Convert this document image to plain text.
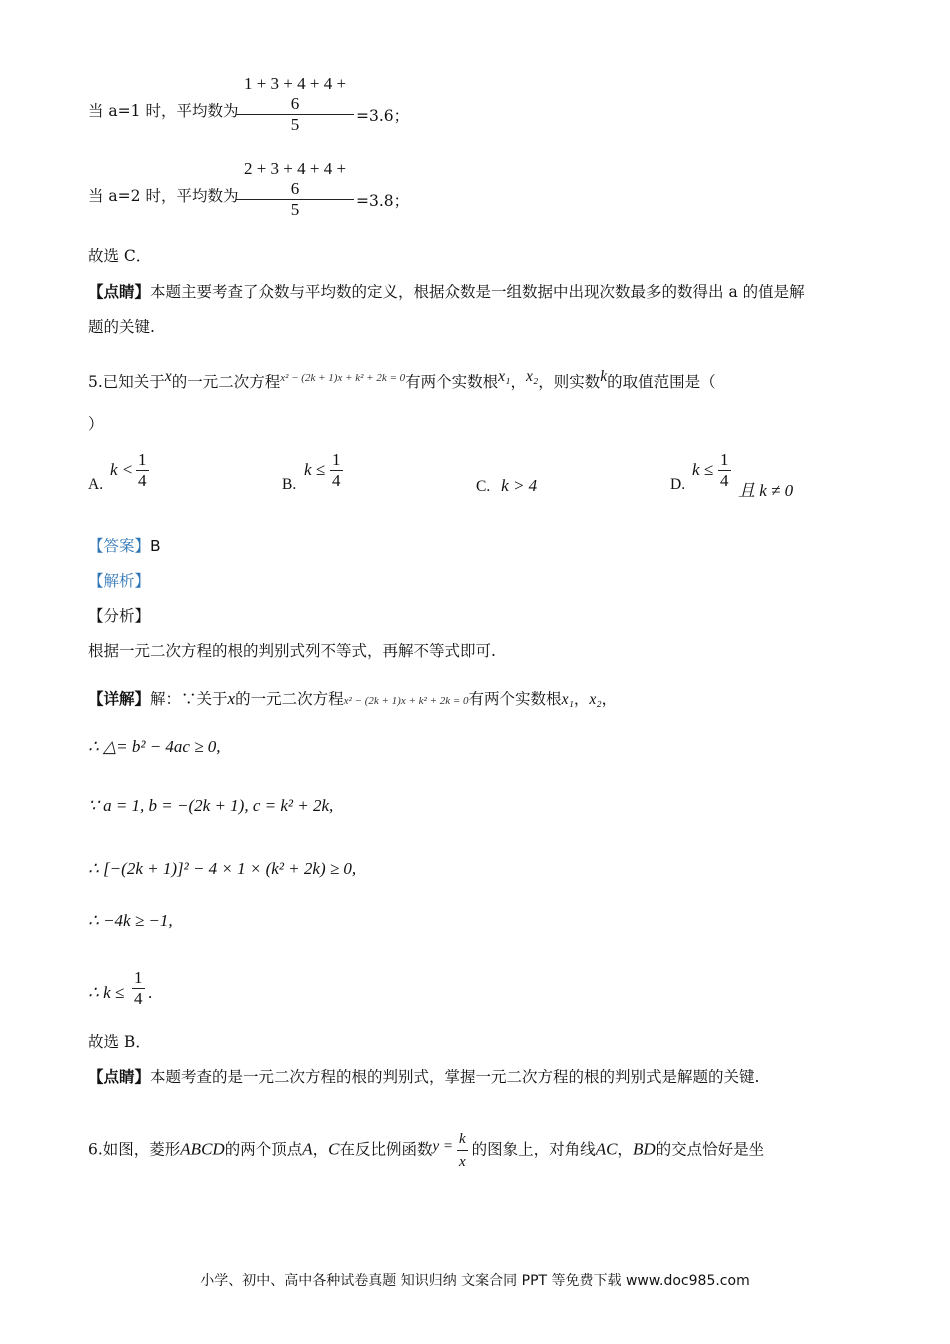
当 a=1 时，平均数为
$\frac{1 + 3 + 4 + 4 + 6}{5} =3.6$；
当 a=2 时，平均数为
$\frac{2 + 3 + 4 + 4 + 6}{5} =3.8$；
故选 C．
【点睛】本题主要考查了众数与平均数的定义，根据众数是一组数据中出现次数最多的数得出 a 的值是解
题的关键.
5.已知关于x的一元二次方程$^{x^2 - (2k + 1)x + k^2 + 2k = 0}$有两个实数根x₁，x₂，则实数k的取值范围是（
）
A.
$k < \frac{1}{4}$	B.
$k \le \frac{1}{4}$	C. k > 4	D.
$k \le \frac{1}{4}$ 且 k ≠ 0
【答案】B
【解析】
【分析】
根据一元二次方程的根的判别式列不等式，再解不等式即可.
【详解】解：∵关于x的一元二次方程x² − (2k + 1)x + k² + 2k = 0有两个实数根x₁，x₂，
∴ △= b² − 4ac ≥ 0,
∵ a = 1, b = −(2k + 1), c = k² + 2k,
∴ [−(2k + 1)]² − 4 × 1 × (k² + 2k) ≥ 0,
∴ −4k ≥ −1,
∴ $k \le \frac{1}{4}$ .
故选 B．
【点睛】本题考查的是一元二次方程的根的判别式，掌握一元二次方程的根的判别式是解题的关键.
6.如图，菱形ABCD的两个顶点A，C在反比例函数$y = \frac{k}{x}$ 的图象上，对角线AC，BD的交点恰好是坐
小学、初中、高中各种试卷真题 知识归纳 文案合同 PPT 等免费下载 www.doc985.com
